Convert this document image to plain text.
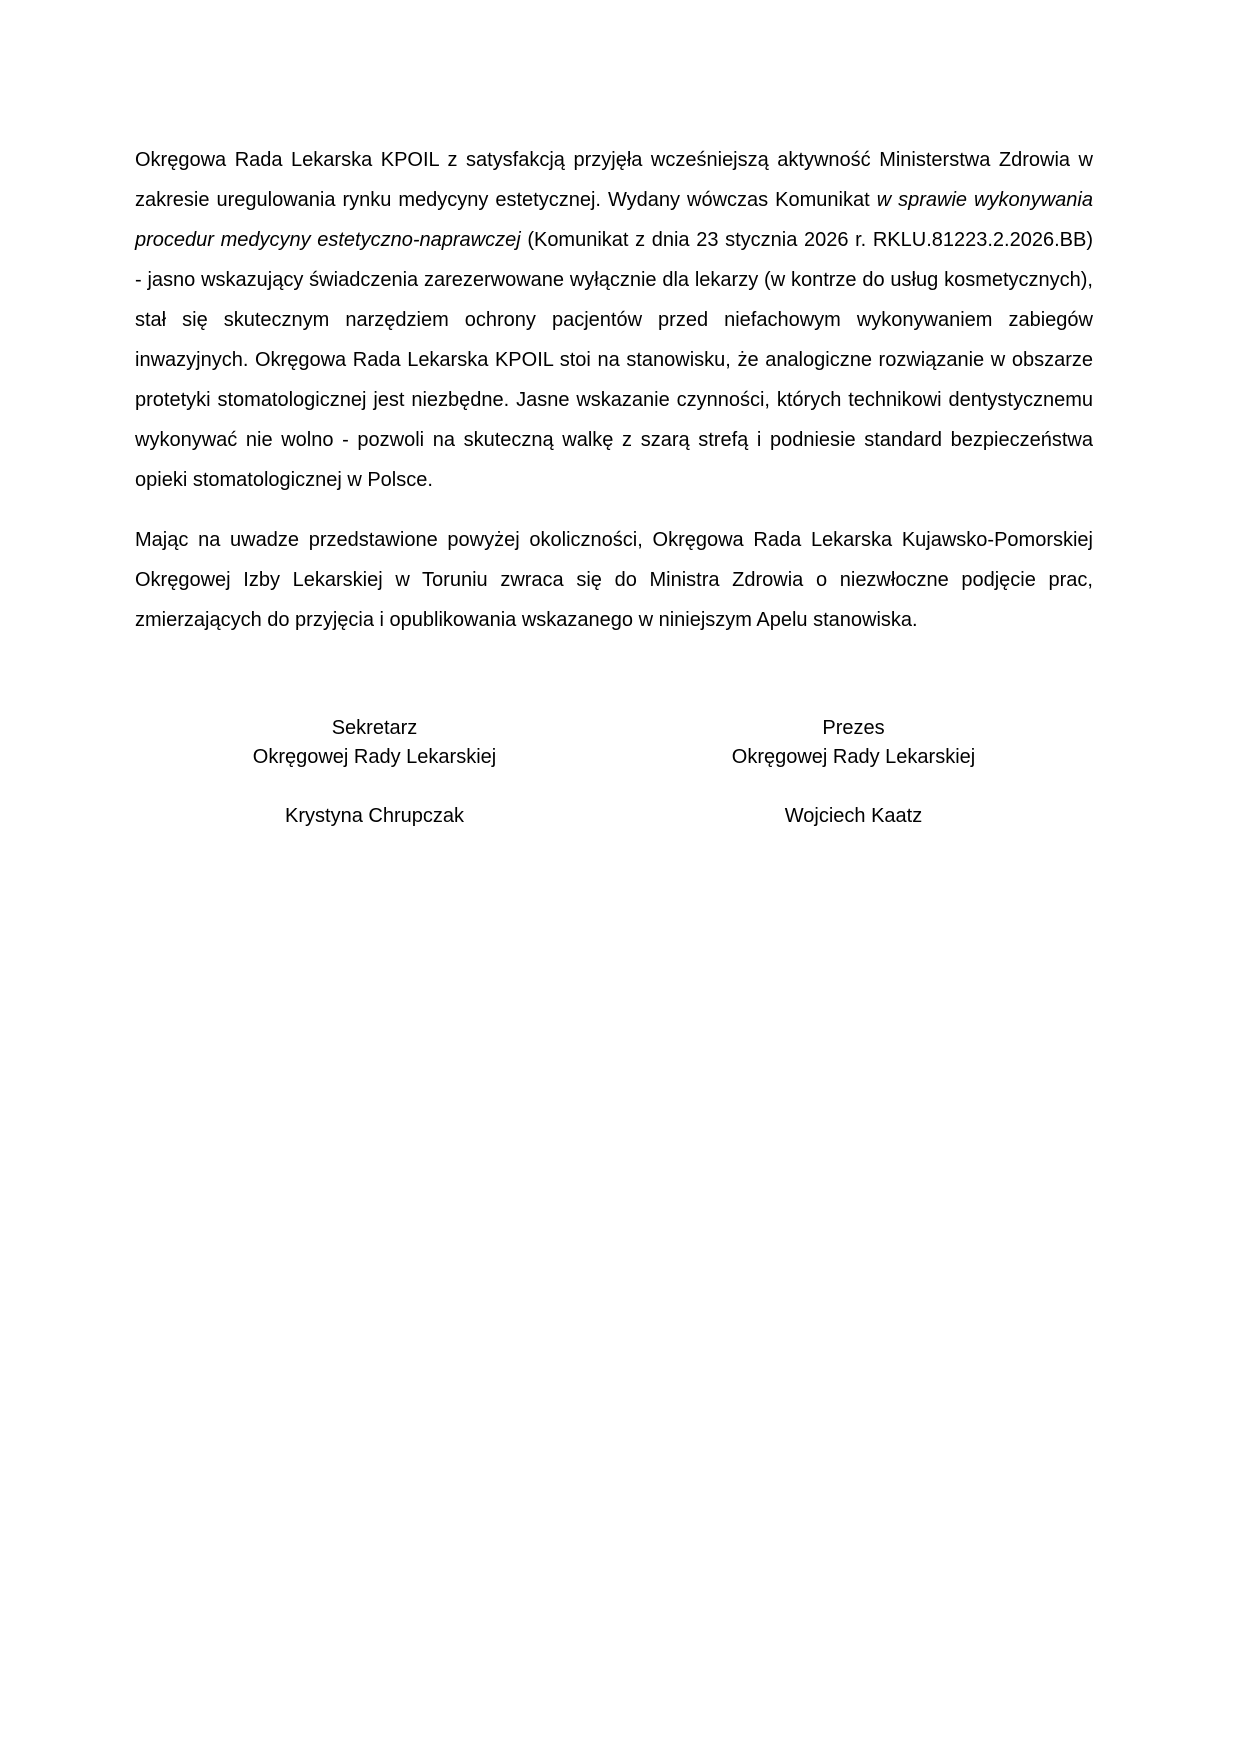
Okręgowa Rada Lekarska KPOIL z satysfakcją przyjęła wcześniejszą aktywność Ministerstwa Zdrowia w zakresie uregulowania rynku medycyny estetycznej. Wydany wówczas Komunikat w sprawie wykonywania procedur medycyny estetyczno-naprawczej (Komunikat z dnia 23 stycznia 2026 r. RKLU.81223.2.2026.BB) - jasno wskazujący świadczenia zarezerwowane wyłącznie dla lekarzy (w kontrze do usług kosmetycznych), stał się skutecznym narzędziem ochrony pacjentów przed niefachowym wykonywaniem zabiegów inwazyjnych. Okręgowa Rada Lekarska KPOIL stoi na stanowisku, że analogiczne rozwiązanie w obszarze protetyki stomatologicznej jest niezbędne. Jasne wskazanie czynności, których technikowi dentystycznemu wykonywać nie wolno - pozwoli na skuteczną walkę z szarą strefą i podniesie standard bezpieczeństwa opieki stomatologicznej w Polsce.

Mając na uwadze przedstawione powyżej okoliczności, Okręgowa Rada Lekarska Kujawsko-Pomorskiej Okręgowej Izby Lekarskiej w Toruniu zwraca się do Ministra Zdrowia o niezwłoczne podjęcie prac, zmierzających do przyjęcia i opublikowania wskazanego w niniejszym Apelu stanowiska.

Sekretarz
Okręgowej Rady Lekarskiej
Krystyna Chrupczak
Prezes
Okręgowej Rady Lekarskiej
Wojciech Kaatz
